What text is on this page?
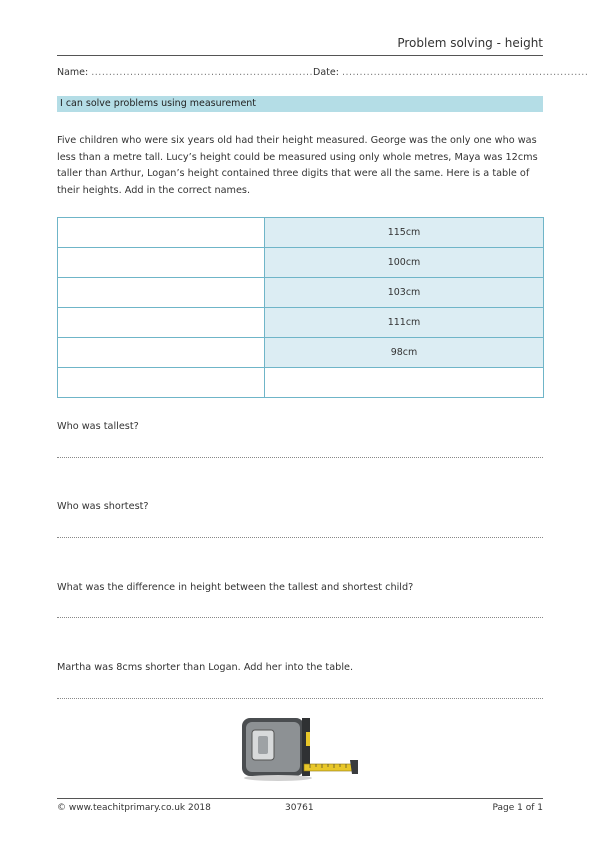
Problem solving - height
Name: ............................................................... Date: ......................................................................
I can solve problems using measurement

Five children who were six years old had their height measured. George was the only one who was less than a metre tall. Lucy’s height could be measured using only whole metres, Maya was 12cms taller than Arthur, Logan’s height contained three digits that were all the same. Here is a table of their heights. Add in the correct names.

	115cm
	100cm
	103cm
	111cm
	98cm

Who was tallest?
Who was shortest?
What was the difference in height between the tallest and shortest child?
Martha was 8cms shorter than Logan. Add her into the table.
© www.teachitprimary.co.uk 2018	30761	Page 1 of 1
